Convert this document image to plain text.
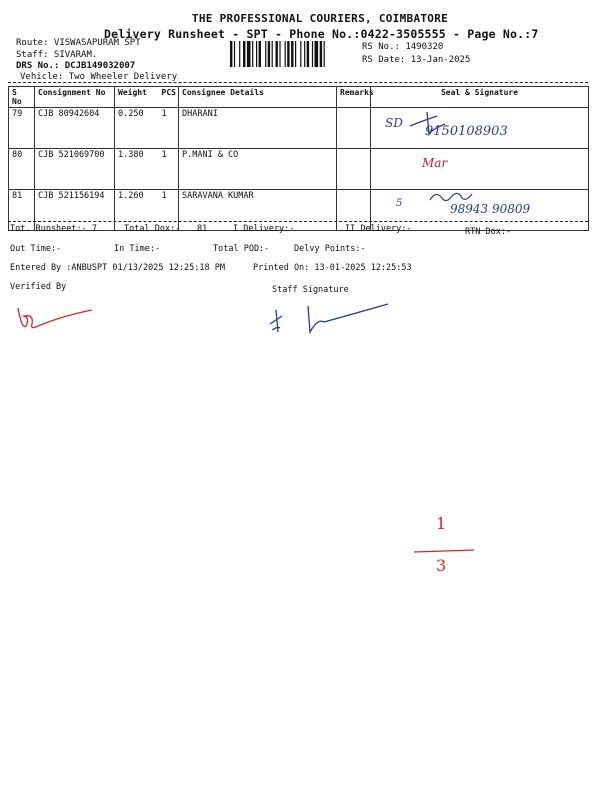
THE PROFESSIONAL COURIERS, COIMBATORE
Delivery Runsheet - SPT - Phone No.:0422-3505555 - Page No.:7
Route: VISWASAPURAM SPT
Staff: SIVARAM.
DRS No.: DCJB149032007
Vehicle: Two Wheeler Delivery
RS No.: 1490320
RS Date: 13-Jan-2025
S No	Consignment No	Weight	PCS	Consignee Details	Remarks	Seal & Signature
79	CJB 80942604	0.250	1	DHARANI		
80	CJB 521069700	1.380	1	P.MANI & CO		
81	CJB 521156194	1.260	1	SARAVANA KUMAR		
SD
9150108903
Mar
5	98943 90809
Tot. Runsheet:- 7	Total Dox:- 81	I Delivery:-	II Delivery:-	RTN Dox:-
Out Time:-	In Time:-	Total POD:-	Delvy Points:-
Entered By :ANBUSPT 01/13/2025 12:25:18 PM	Printed On: 13-01-2025 12:25:53
Verified By	Staff Signature
1
3
